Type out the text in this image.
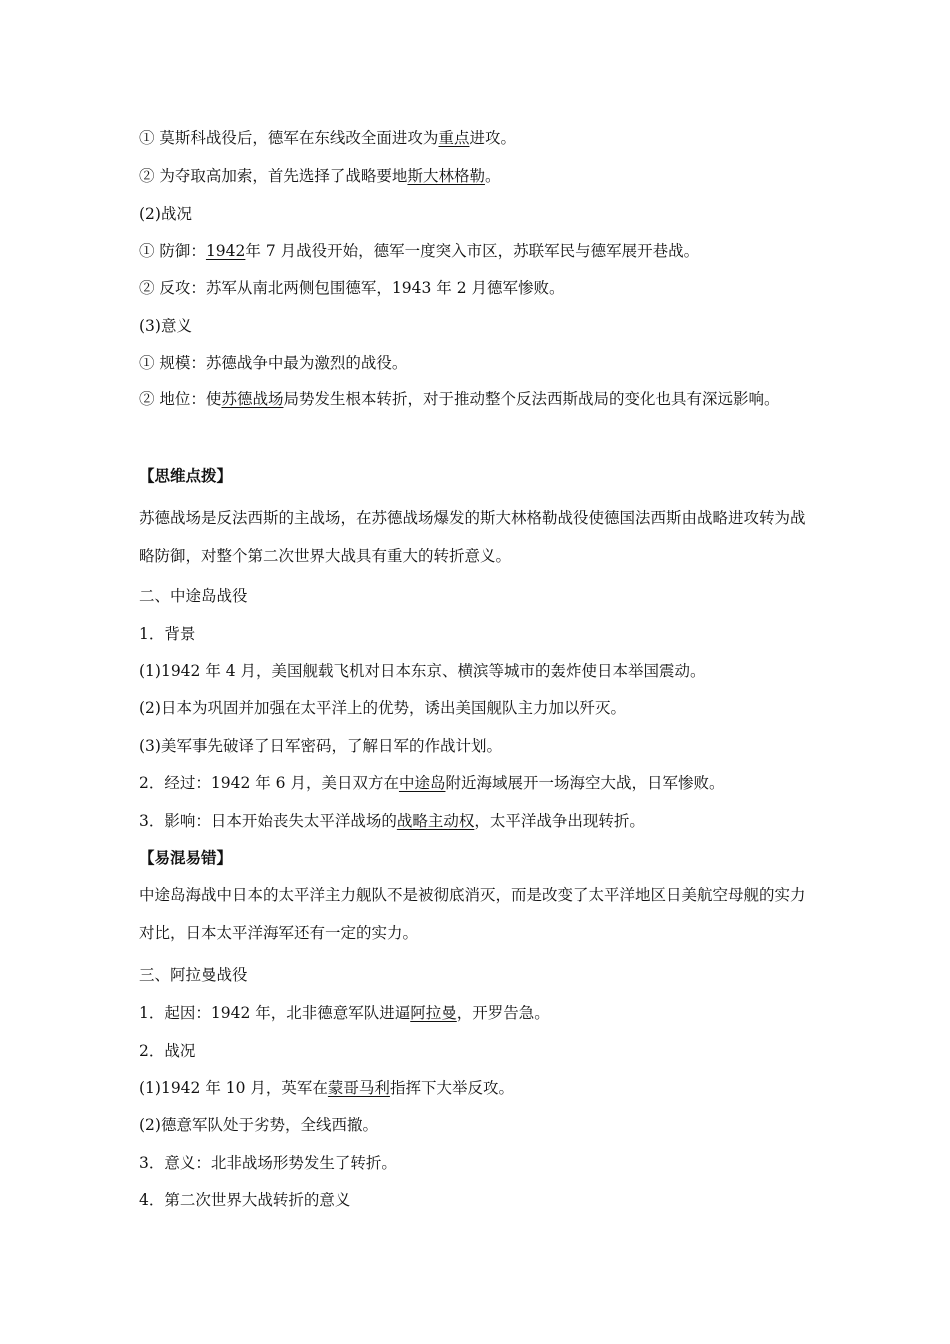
① 莫斯科战役后，德军在东线改全面进攻为重点进攻。
② 为夺取高加索，首先选择了战略要地斯大林格勒。
(2)战况
① 防御：1942年 7 月战役开始，德军一度突入市区，苏联军民与德军展开巷战。
② 反攻：苏军从南北两侧包围德军，1943 年 2 月德军惨败。
(3)意义
① 规模：苏德战争中最为激烈的战役。
② 地位：使苏德战场局势发生根本转折，对于推动整个反法西斯战局的变化也具有深远影响。
【思维点拨】
苏德战场是反法西斯的主战场，在苏德战场爆发的斯大林格勒战役使德国法西斯由战略进攻转为战略防御，对整个第二次世界大战具有重大的转折意义。
二、中途岛战役
1．背景
(1)1942 年 4 月，美国舰载飞机对日本东京、横滨等城市的轰炸使日本举国震动。
(2)日本为巩固并加强在太平洋上的优势，诱出美国舰队主力加以歼灭。
(3)美军事先破译了日军密码，了解日军的作战计划。
2．经过：1942 年 6 月，美日双方在中途岛附近海域展开一场海空大战，日军惨败。
3．影响：日本开始丧失太平洋战场的战略主动权，太平洋战争出现转折。
【易混易错】
中途岛海战中日本的太平洋主力舰队不是被彻底消灭，而是改变了太平洋地区日美航空母舰的实力对比，日本太平洋海军还有一定的实力。
三、阿拉曼战役
1．起因：1942 年，北非德意军队进逼阿拉曼，开罗告急。
2．战况
(1)1942 年 10 月，英军在蒙哥马利指挥下大举反攻。
(2)德意军队处于劣势，全线西撤。
3．意义：北非战场形势发生了转折。
4．第二次世界大战转折的意义
